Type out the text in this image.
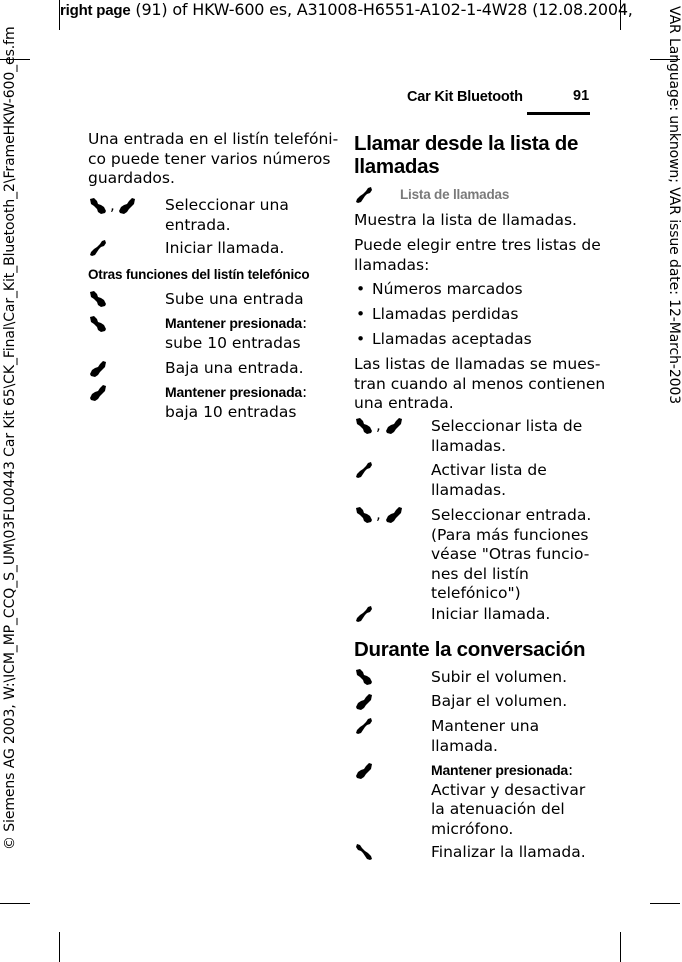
right page (91) of HKW-600 es, A31008-H6551-A102-1-4W28 (12.08.2004, VAR Language: unknown; VAR issue date: 12-March-2003
© Siemens AG 2003, W:\ICM_MP_CCQ_S_UM\03FL00443 Car Kit 65\CK_Final\Car_Kit_Bluetooth_2\FrameHKW-600_es.fm	Car Kit Bluetooth	91
Una entrada en el listín telefóni-
co puede tener varios números
guardados.
,	Seleccionar una
entrada.
Iniciar llamada.
Otras funciones del listín telefónico
Sube una entrada
Mantener presionada:
sube 10 entradas
Baja una entrada.
Mantener presionada:
baja 10 entradas
Llamar desde la lista de
llamadas
Lista de llamadas
Muestra la lista de llamadas.
Puede elegir entre tres listas de
llamadas:
• Números marcados
• Llamadas perdidas
• Llamadas aceptadas
Las listas de llamadas se mues-
tran cuando al menos contienen
una entrada.
,	Seleccionar lista de
llamadas.
Activar lista de
llamadas.
,	Seleccionar entrada.
(Para más funciones
véase "Otras funcio-
nes del listín
telefónico")
Iniciar llamada.
Durante la conversación
Subir el volumen.
Bajar el volumen.
Mantener una
llamada.
Mantener presionada:
Activar y desactivar
la atenuación del
micrófono.
Finalizar la llamada.
